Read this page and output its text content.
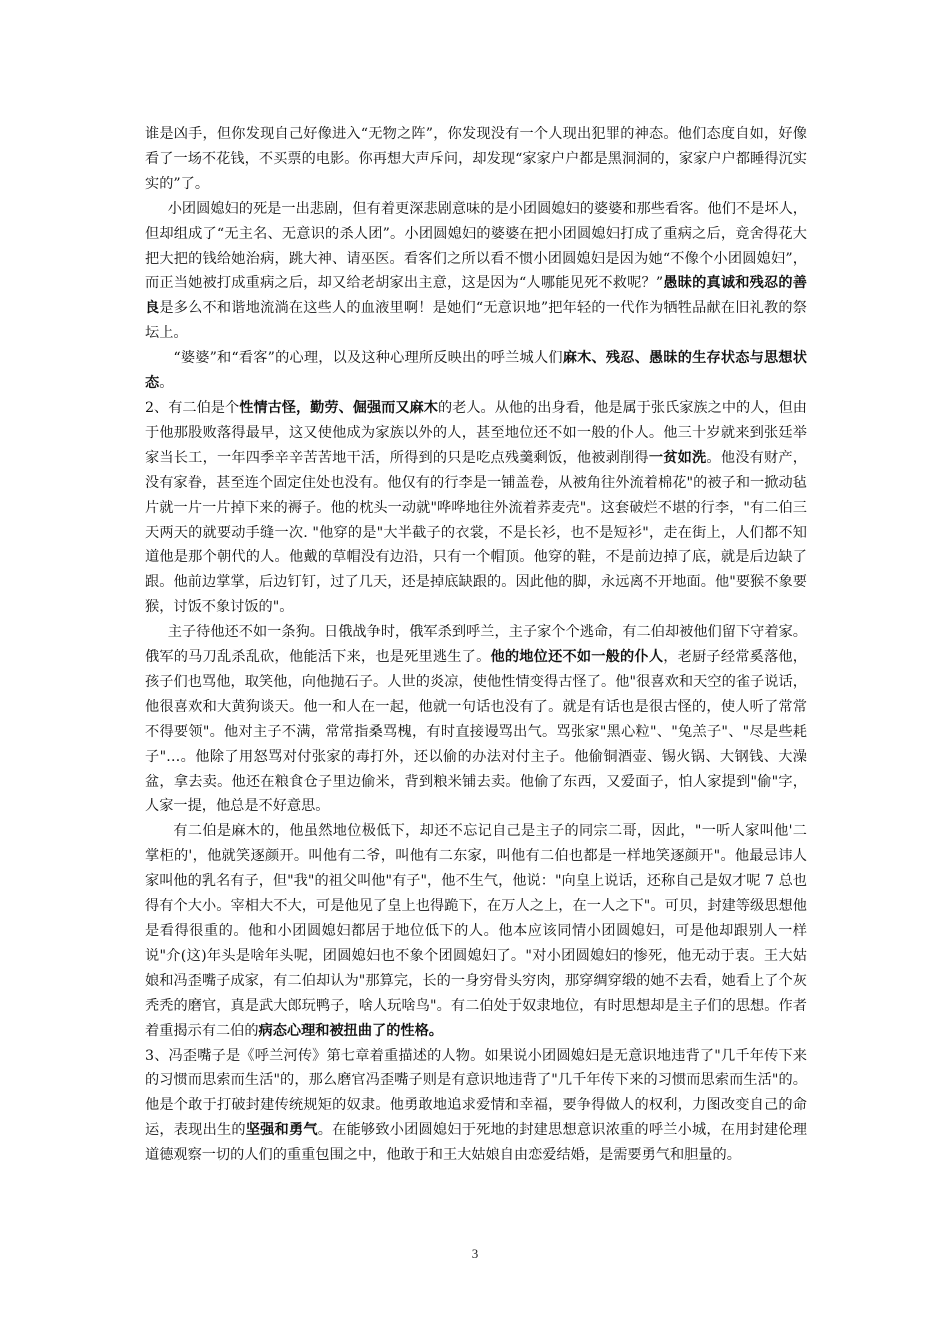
谁是凶手，但你发现自己好像进入“无物之阵”，你发现没有一个人现出犯罪的神态。他们态度自如，好像看了一场不花钱，不买票的电影。你再想大声斥问，却发现“家家户户都是黑洞洞的，家家户户都睡得沉实实的”了。

小团圆媳妇的死是一出悲剧，但有着更深悲剧意味的是小团圆媳妇的婆婆和那些看客。他们不是坏人，但却组成了“无主名、无意识的杀人团”。小团圆媳妇的婆婆在把小团圆媳妇打成了重病之后，竟舍得花大把大把的钱给她治病，跳大神、请巫医。看客们之所以看不惯小团圆媳妇是因为她“不像个小团圆媳妇”，而正当她被打成重病之后，却又给老胡家出主意，这是因为“人哪能见死不救呢？”愚昧的真诚和残忍的善良是多么不和谐地流淌在这些人的血液里啊！是她们“无意识地”把年轻的一代作为牺牲品献在旧礼教的祭坛上。

“婆婆”和“看客”的心理，以及这种心理所反映出的呼兰城人们麻木、残忍、愚昧的生存状态与思想状态。

2、有二伯是个性情古怪，勤劳、倔强而又麻木的老人。从他的出身看，他是属于张氏家族之中的人，但由于他那股败落得最早，这又使他成为家族以外的人，甚至地位还不如一般的仆人。他三十岁就来到张廷举家当长工，一年四季辛辛苦苦地干活，所得到的只是吃点残羹剩饭，他被剥削得一贫如洗。他没有财产，没有家眷，甚至连个固定住处也没有。他仅有的行李是一铺盖卷，从被角往外流着棉花"的被子和一掀动毡片就一片一片掉下来的褥子。他的枕头一动就"哗哗地往外流着荞麦壳"。这套破烂不堪的行李，"有二伯三天两天的就要动手缝一次. "他穿的是"大半截子的衣裳，不是长衫，也不是短衫"，走在街上，人们都不知道他是那个朝代的人。他戴的草帽没有边沿，只有一个帽顶。他穿的鞋，不是前边掉了底，就是后边缺了跟。他前边掌掌，后边钉钉，过了几天，还是掉底缺跟的。因此他的脚，永远离不开地面。他"要猴不象要猴，讨饭不象讨饭的"。

主子待他还不如一条狗。日俄战争时，俄军杀到呼兰，主子家个个逃命，有二伯却被他们留下守着家。俄军的马刀乱杀乱砍，他能活下来，也是死里逃生了。他的地位还不如一般的仆人，老厨子经常奚落他，孩子们也骂他，取笑他，向他抛石子。人世的炎凉，使他性情变得古怪了。他"很喜欢和天空的雀子说话，他很喜欢和大黄狗谈天。他一和人在一起，他就一句话也没有了。就是有话也是很古怪的，使人听了常常不得要领"。他对主子不满，常常指桑骂槐，有时直接谩骂出气。骂张家"黑心粒"、"兔羔子"、"尽是些耗子"…。他除了用怒骂对付张家的毒打外，还以偷的办法对付主子。他偷铜酒壶、锡火锅、大钢钱、大澡盆，拿去卖。他还在粮食仓子里边偷米，背到粮米铺去卖。他偷了东西，又爱面子，怕人家提到"偷"字，人家一提，他总是不好意思。

有二伯是麻木的，他虽然地位极低下，却还不忘记自己是主子的同宗二哥，因此，"一听人家叫他'二掌柜的'，他就笑逐颜开。叫他有二爷，叫他有二东家，叫他有二伯也都是一样地笑逐颜开"。他最忌讳人家叫他的乳名有子，但"我"的祖父叫他"有子"，他不生气，他说："向皇上说话，还称自己是奴才呢 7 总也得有个大小。宰相大不大，可是他见了皇上也得跪下，在万人之上，在一人之下"。可贝，封建等级思想他是看得很重的。他和小团圆媳妇都居于地位低下的人。他本应该同情小团圆媳妇，可是他却跟别人一样说"介(这)年头是啥年头呢，团圆媳妇也不象个团圆媳妇了。"对小团圆媳妇的惨死，他无动于衷。王大姑娘和冯歪嘴子成家，有二伯却认为"那算完，长的一身穷骨头穷肉，那穿绸穿缎的她不去看，她看上了个灰秃秃的磨官，真是武大郎玩鸭子，啥人玩啥鸟"。有二伯处于奴隶地位，有时思想却是主子们的思想。作者着重揭示有二伯的病态心理和被扭曲了的性格。

3、冯歪嘴子是《呼兰河传》第七章着重描述的人物。如果说小团圆媳妇是无意识地违背了"几千年传下来的习惯而思索而生活"的，那么磨官冯歪嘴子则是有意识地违背了"几千年传下来的习惯而思索而生活"的。他是个敢于打破封建传统规矩的奴隶。他勇敢地追求爱情和幸福，要争得做人的权利，力图改变自己的命运，表现出生的坚强和勇气。在能够致小团圆媳妇于死地的封建思想意识浓重的呼兰小城，在用封建伦理道德观察一切的人们的重重包围之中，他敢于和王大姑娘自由恋爱结婚，是需要勇气和胆量的。

3
